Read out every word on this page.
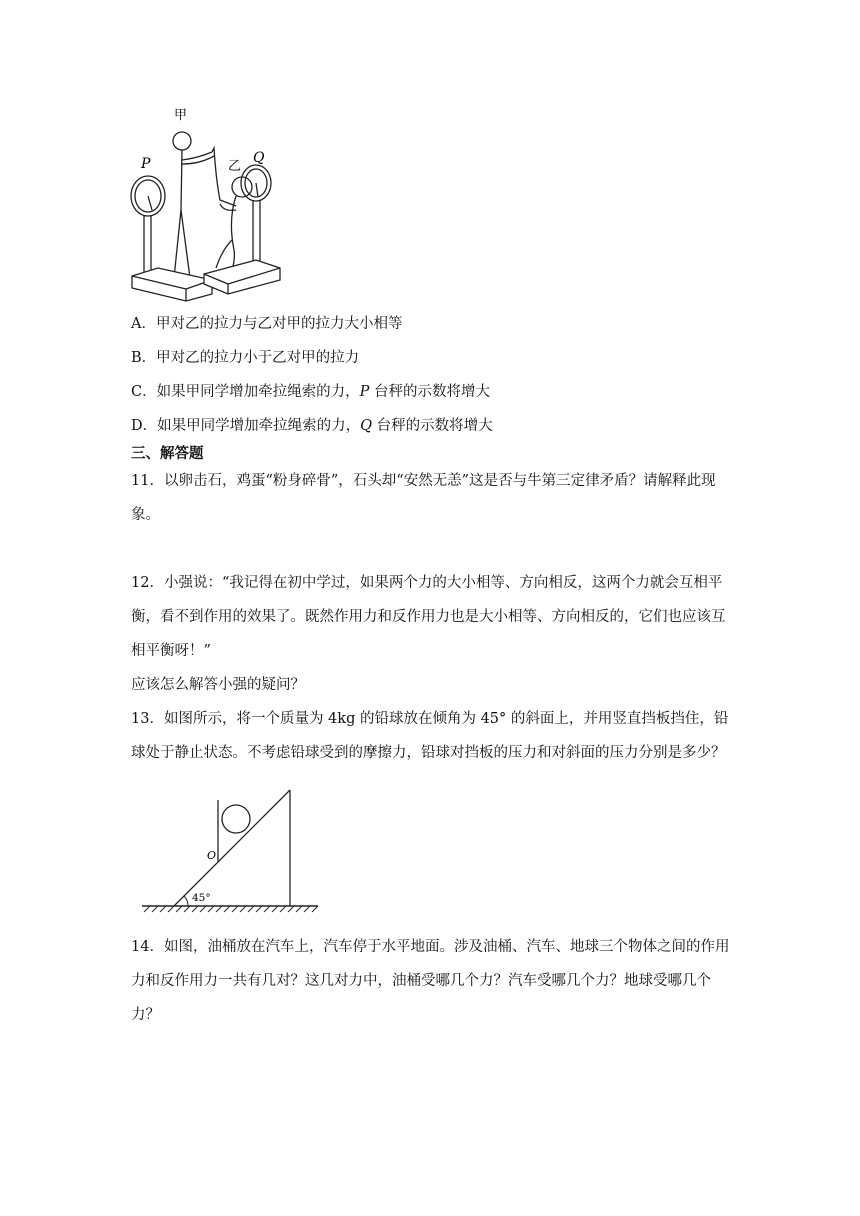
甲
P	乙
Q
A．甲对乙的拉力与乙对甲的拉力大小相等
B．甲对乙的拉力小于乙对甲的拉力
C．如果甲同学增加牵拉绳索的力，P 台秤的示数将增大
D．如果甲同学增加牵拉绳索的力，Q 台秤的示数将增大
三、解答题
11．以卵击石，鸡蛋“粉身碎骨”，石头却“安然无恙”这是否与牛第三定律矛盾？请解释此现象。
12．小强说：“我记得在初中学过，如果两个力的大小相等、方向相反，这两个力就会互相平衡，看不到作用的效果了。既然作用力和反作用力也是大小相等、方向相反的，它们也应该互相平衡呀！”
应该怎么解答小强的疑问？
13．如图所示，将一个质量为 4kg 的铅球放在倾角为 45° 的斜面上，并用竖直挡板挡住，铅球处于静止状态。不考虑铅球受到的摩擦力，铅球对挡板的压力和对斜面的压力分别是多少？
45°
O
14．如图，油桶放在汽车上，汽车停于水平地面。涉及油桶、汽车、地球三个物体之间的作用力和反作用力一共有几对？这几对力中，油桶受哪几个力？汽车受哪几个力？地球受哪几个力？
